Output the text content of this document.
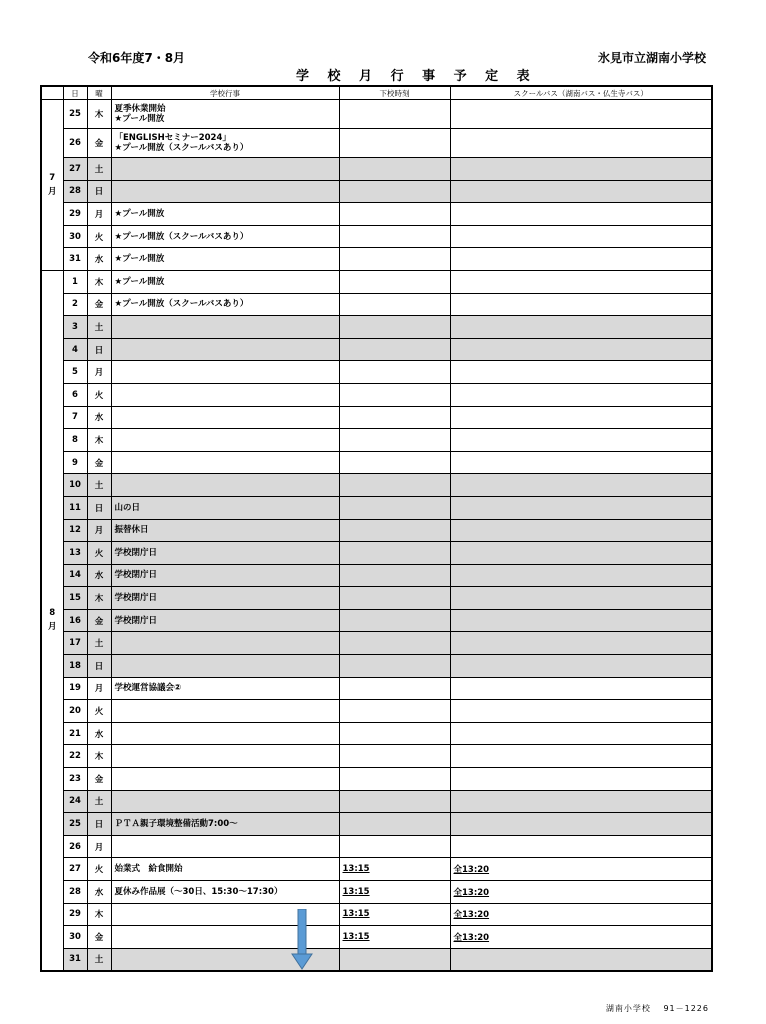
令和6年度7・8月	氷見市立湖南小学校
学 校 月 行 事 予 定 表
	日	曜	学校行事	下校時刻	スクールバス（湖南バス・仏生寺バス）
7
月	25	木	夏季休業開始
★プール開放		
	26	金	「ENGLISHセミナー2024」
★プール開放（スクールバスあり）		
	27	土			
	28	日			
	29	月	★プール開放		
	30	火	★プール開放（スクールバスあり）		
	31	水	★プール開放		
8
月	1	木	★プール開放		
	2	金	★プール開放（スクールバスあり）		
	3	土			
	4	日			
	5	月			
	6	火			
	7	水			
	8	木			
	9	金			
	10	土			
	11	日	山の日		
	12	月	振替休日		
	13	火	学校閉庁日		
	14	水	学校閉庁日		
	15	木	学校閉庁日		
	16	金	学校閉庁日		
	17	土			
	18	日			
	19	月	学校運営協議会②		
	20	火			
	21	水			
	22	木			
	23	金			
	24	土			
	25	日	ＰＴＡ親子環境整備活動7:00～		
	26	月			
	27	火	始業式　給食開始	13:15	全13:20
	28	水	夏休み作品展（～30日、15:30～17:30）	13:15	全13:20
	29	木		13:15	全13:20
	30	金		13:15	全13:20
	31	土			
湖南小学校　 91－1226
